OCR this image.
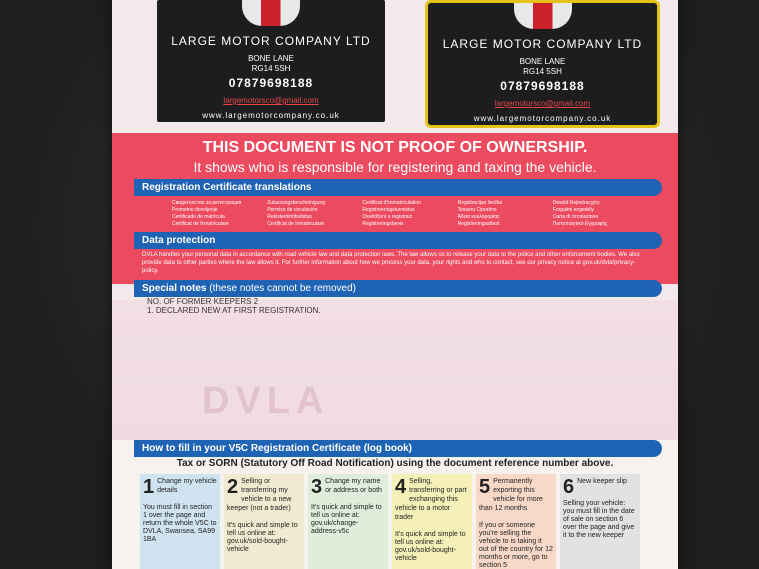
LARGE MOTOR COMPANY LTD
BONE LANE
RG14 5SH
07879698188
largemotorsco@gmail.com
www.largemotorcompany.co.uk
LARGE MOTOR COMPANY LTD
BONE LANE
RG14 5SH
07879698188
largemotorsco@gmail.com
www.largemotorcompany.co.uk
THIS DOCUMENT IS NOT PROOF OF OWNERSHIP.
It shows who is responsible for registering and taxing the vehicle.
Registration Certificate translations
Свидетелство за регистрация	Zulassungsbescheinigung	Certificat d'immatriculation	Registracijas liecība	Dowód Rejestracyjny
Prometno dovoljenje	Permiso de circulación	Registreeringstunnistus	Tesseru Cipratino	Forgalmi engedély
Certificado de matrícula	Rekisteröintitodistus	Osvědčení o registraci	Άδεια κυκλοφορίας	Carta di circolazione
Certificat de înmatriculare	Certificat de înmatriculare	Registreringsbevis	Registreringsattest	Πιστοποιητικό Εγγραφής
Data protection
DVLA handles your personal data in accordance with road vehicle law and data protection laws. The law allows us to release your data to the police and other enforcement bodies. We also provide data to other parties where the law allows it. For further information about how we process your data, your rights and who to contact, see our privacy notice at gov.uk/dvla/privacy-policy.
Special notes (these notes cannot be removed)
NO. OF FORMER KEEPERS 2
1. DECLARED NEW AT FIRST REGISTRATION.
DVLA
How to fill in your V5C Registration Certificate (log book)
Tax or SORN (Statutory Off Road Notification) using the document reference number above.
1 Change my vehicle details
You must fill in section 1 over the page and return the whole V5C to DVLA, Swansea, SA99 1BA
2 Selling or transferring my vehicle to a new keeper (not a trader)
It's quick and simple to tell us online at: gov.uk/sold-bought-vehicle
3 Change my name or address or both
It's quick and simple to tell us online at: gov.uk/change-address-v5c
4 Selling, transferring or part exchanging this vehicle to a motor trader
It's quick and simple to tell us online at: gov.uk/sold-bought-vehicle
5 Permanently exporting this vehicle for more than 12 months
If you or someone you're selling the vehicle to is taking it out of the country for 12 months or more, go to section 5
6 New keeper slip
Selling your vehicle: you must fill in the date of sale on section 6 over the page and give it to the new keeper
